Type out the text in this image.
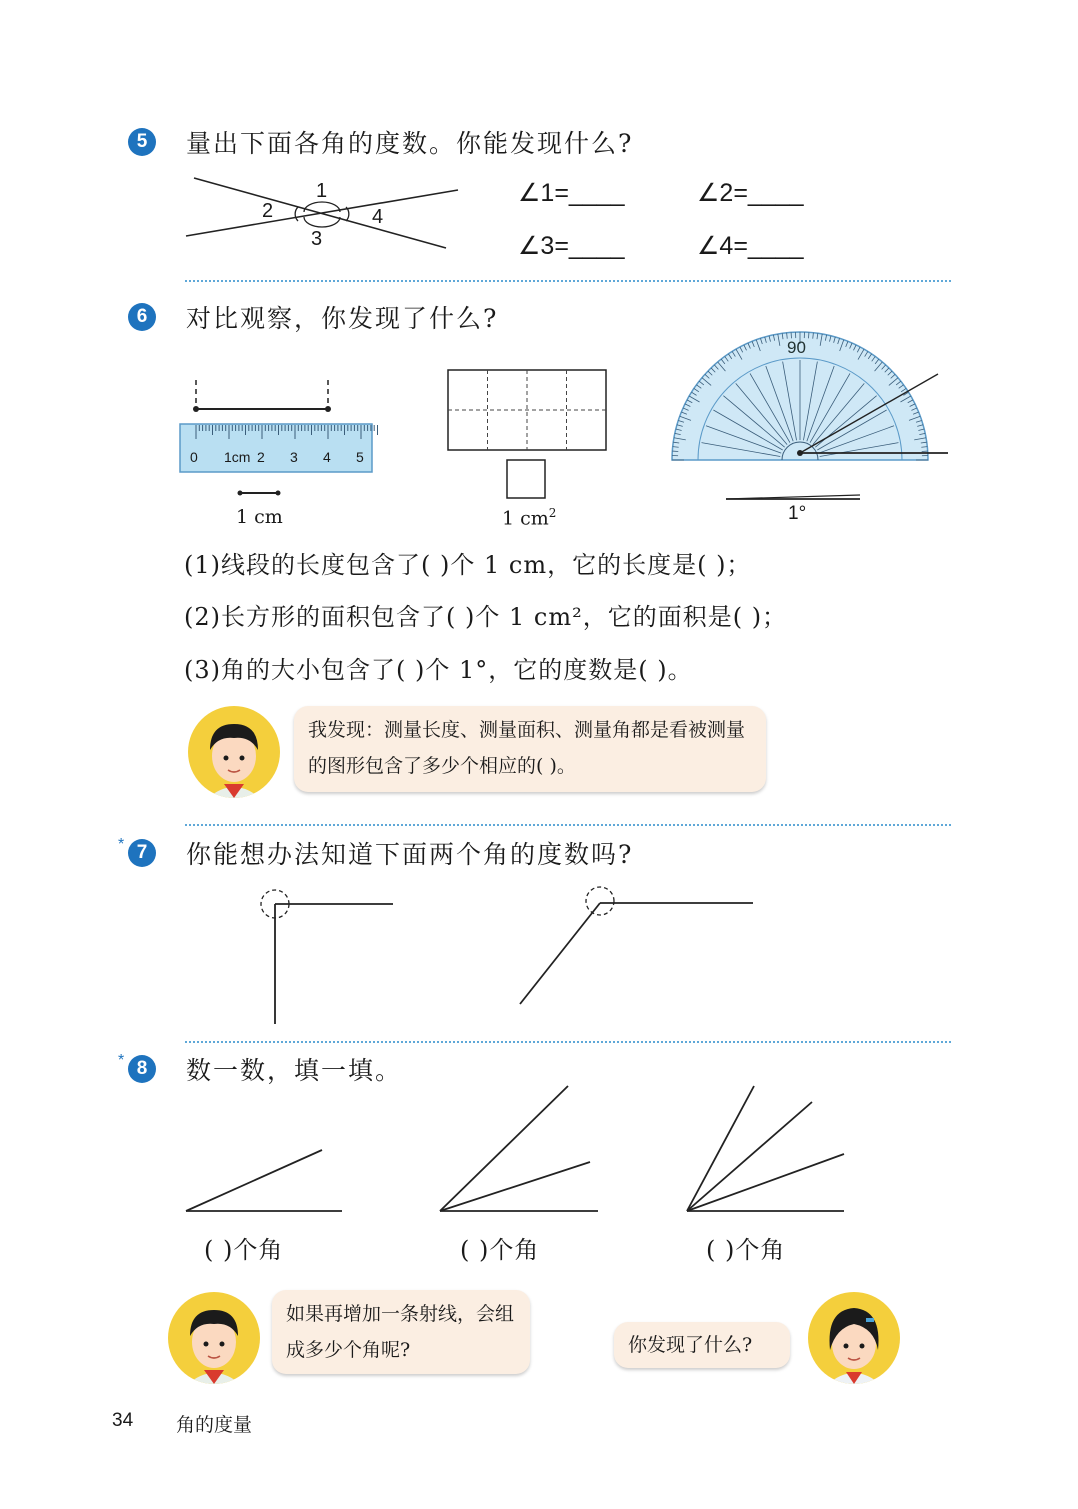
5	量出下面各角的度数。你能发现什么?
1
2
3
4
∠1=____	∠2=____
∠3=____	∠4=____
6	对比观察，你发现了什么?
0 1cm 2 3 4 5
1 cm	1 $cm^2$
90
1°
(1)线段的长度包含了( )个 1 cm，它的长度是( )；
(2)长方形的面积包含了( )个 1 cm²，它的面积是( )；
(3)角的大小包含了( )个 1°，它的度数是( )。
我发现：测量长度、测量面积、测量角都是看被测量的图形包含了多少个相应的( )。
* 7	你能想办法知道下面两个角的度数吗?
* 8	数一数，填一填。
( )个角	( )个角	( )个角
如果再增加一条射线，会组成多少个角呢?	你发现了什么?
34 角的度量
